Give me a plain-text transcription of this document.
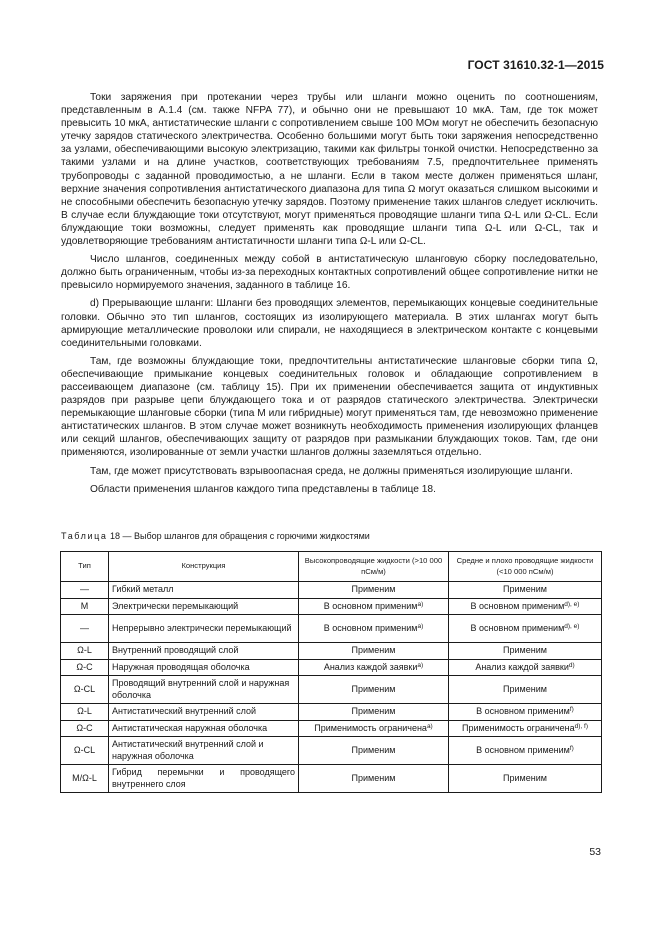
ГОСТ 31610.32-1—2015

Токи заряжения при протекании через трубы или шланги можно оценить по соотношениям, представленным в А.1.4 (см. также NFPA 77), и обычно они не превышают 10 мкА. Там, где ток может превысить 10 мкА, антистатические шланги с сопротивлением свыше 100 МОм могут не обеспечить безопасную утечку зарядов статического электричества. Особенно большими могут быть токи заряжения непосредственно за узлами, обеспечивающими высокую электризацию, такими как фильтры тонкой очистки. Непосредственно за такими узлами и на длине участков, соответствующих требованиям 7.5, предпочтительнее применять трубопроводы с заданной проводимостью, а не шланги. Если в таком месте должен применяться шланг, верхние значения сопротивления антистатического диапазона для типа Ω могут оказаться слишком высокими и не способными обеспечить безопасную утечку зарядов. Поэтому применение таких шлангов следует исключить. В случае если блуждающие токи отсутствуют, могут применяться проводящие шланги типа Ω-L или Ω-CL. Если блуждающие токи возможны, следует применять как проводящие шланги типа Ω-L или Ω-CL, так и удовлетворяющие требованиям антистатичности шланги типа Ω-L или Ω-CL.

Число шлангов, соединенных между собой в антистатическую шланговую сборку последовательно, должно быть ограниченным, чтобы из-за переходных контактных сопротивлений общее сопротивление нитки не превысило нормируемого значения, заданного в таблице 16.

d) Прерывающие шланги: Шланги без проводящих элементов, перемыкающих концевые соединительные головки. Обычно это тип шлангов, состоящих из изолирующего материала. В этих шлангах могут быть армирующие металлические проволоки или спирали, не находящиеся в электрическом контакте с концевыми соединительными головками.

Там, где возможны блуждающие токи, предпочтительны антистатические шланговые сборки типа Ω, обеспечивающие примыкание концевых соединительных головок и обладающие сопротивлением в рассеивающем диапазоне (см. таблицу 15). При их применении обеспечивается защита от индуктивных разрядов при разрыве цепи блуждающего тока и от разрядов статического электричества. Электрически перемыкающие шланговые сборки (типа М или гибридные) могут применяться там, где невозможно применение антистатических шлангов. В этом случае может возникнуть необходимость применения изолирующих фланцев или секций шлангов, обеспечивающих защиту от разрядов при размыкании блуждающих токов. Там, где они применяются, изолированные от земли участки шлангов должны заземляться отдельно.

Там, где может присутствовать взрывоопасная среда, не должны применяться изолирующие шланги.

Области применения шлангов каждого типа представлены в таблице 18.

Таблица 18 — Выбор шлангов для обращения с горючими жидкостями
Тип	Конструкция	Высокопроводящие жидкости (>10 000 пСм/м)	Средне и плохо проводящие жидкости (<10 000 пСм/м)
—	Гибкий металл	Применим	Применим
M	Электрически перемыкающий	В основном применим$^{а)}$	В основном применим$^{d), е)}$
—	Непрерывно электрически перемыкающий	В основном применим$^{а)}$	В основном применим$^{d), е)}$
Ω-L	Внутренний проводящий слой	Применим	Применим
Ω-C	Наружная проводящая оболочка	Анализ каждой заявки$^{а)}$	Анализ каждой заявки$^{d)}$
Ω-CL	Проводящий внутренний слой и наружная оболочка	Применим	Применим
Ω-L	Антистатический внутренний слой	Применим	В основном применим$^{f)}$
Ω-C	Антистатическая наружная оболочка	Применимость ограничена$^{а)}$	Применимость ограничена$^{d), f)}$
Ω-CL	Антистатический внутренний слой и наружная оболочка	Применим	В основном применим$^{f)}$
M/Ω-L	Гибрид перемычки и проводящего внутреннего слоя	Применим	Применим
53
